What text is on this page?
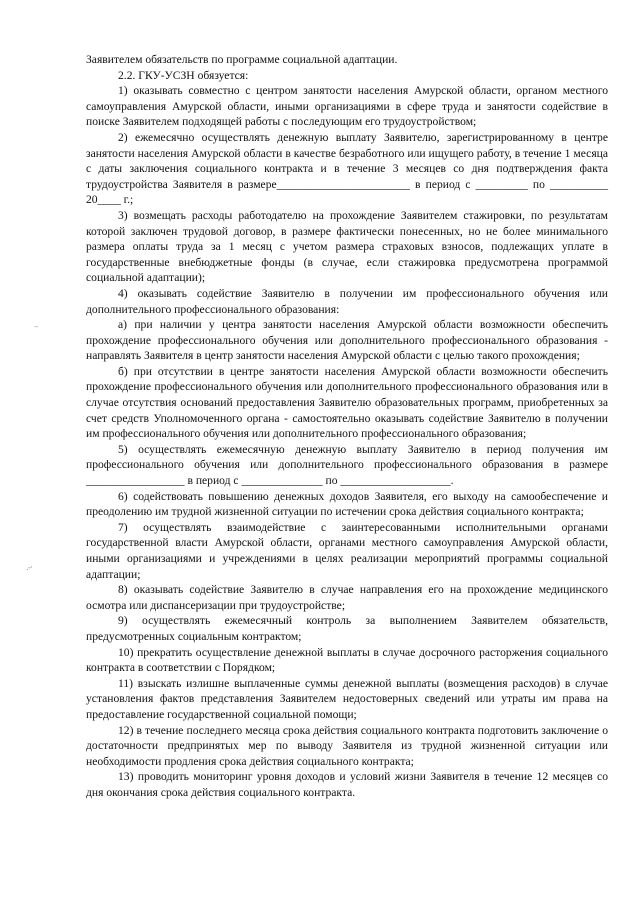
–
.-·

Заявителем обязательств по программе социальной адаптации.

2.2. ГКУ-УСЗН обязуется:

1) оказывать совместно с центром занятости населения Амурской области, органом местного самоуправления Амурской области, иными организациями в сфере труда и занятости содействие в поиске Заявителем подходящей работы с последующим его трудоустройством;

2) ежемесячно осуществлять денежную выплату Заявителю, зарегистрированному в центре занятости населения Амурской области в качестве безработного или ищущего работу, в течение 1 месяца с даты заключения социального контракта и в течение 3 месяцев со дня подтверждения факта трудоустройства Заявителя в размере_______________________ в период с _________ по __________ 20____ г.;

3) возмещать расходы работодателю на прохождение Заявителем стажировки, по результатам которой заключен трудовой договор, в размере фактически понесенных, но не более минимального размера оплаты труда за 1 месяц с учетом размера страховых взносов, подлежащих уплате в государственные внебюджетные фонды (в случае, если стажировка предусмотрена программой социальной адаптации);

4) оказывать содействие Заявителю в получении им профессионального обучения или дополнительного профессионального образования:

а) при наличии у центра занятости населения Амурской области возможности обеспечить прохождение профессионального обучения или дополнительного профессионального образования - направлять Заявителя в центр занятости населения Амурской области с целью такого прохождения;

б) при отсутствии в центре занятости населения Амурской области возможности обеспечить прохождение профессионального обучения или дополнительного профессионального образования или в случае отсутствия оснований предоставления Заявителю образовательных программ, приобретенных за счет средств Уполномоченного органа - самостоятельно оказывать содействие Заявителю в получении им профессионального обучения или дополнительного профессионального образования;

5) осуществлять ежемесячную денежную выплату Заявителю в период получения им профессионального обучения или дополнительного профессионального образования в размере _________________ в период с ______________ по ___________________.

6) содействовать повышению денежных доходов Заявителя, его выходу на самообеспечение и преодолению им трудной жизненной ситуации по истечении срока действия социального контракта;

7) осуществлять взаимодействие с заинтересованными исполнительными органами государственной власти Амурской области, органами местного самоуправления Амурской области, иными организациями и учреждениями в целях реализации мероприятий программы социальной адаптации;

8) оказывать содействие Заявителю в случае направления его на прохождение медицинского осмотра или диспансеризации при трудоустройстве;

9) осуществлять ежемесячный контроль за выполнением Заявителем обязательств, предусмотренных социальным контрактом;

10) прекратить осуществление денежной выплаты в случае досрочного расторжения социального контракта в соответствии с Порядком;

11) взыскать излишне выплаченные суммы денежной выплаты (возмещения расходов) в случае установления фактов представления Заявителем недостоверных сведений или утраты им права на предоставление государственной социальной помощи;

12) в течение последнего месяца срока действия социального контракта подготовить заключение о достаточности предпринятых мер по выводу Заявителя из трудной жизненной ситуации или необходимости продления срока действия социального контракта;

13) проводить мониторинг уровня доходов и условий жизни Заявителя в течение 12 месяцев со дня окончания срока действия социального контракта.
